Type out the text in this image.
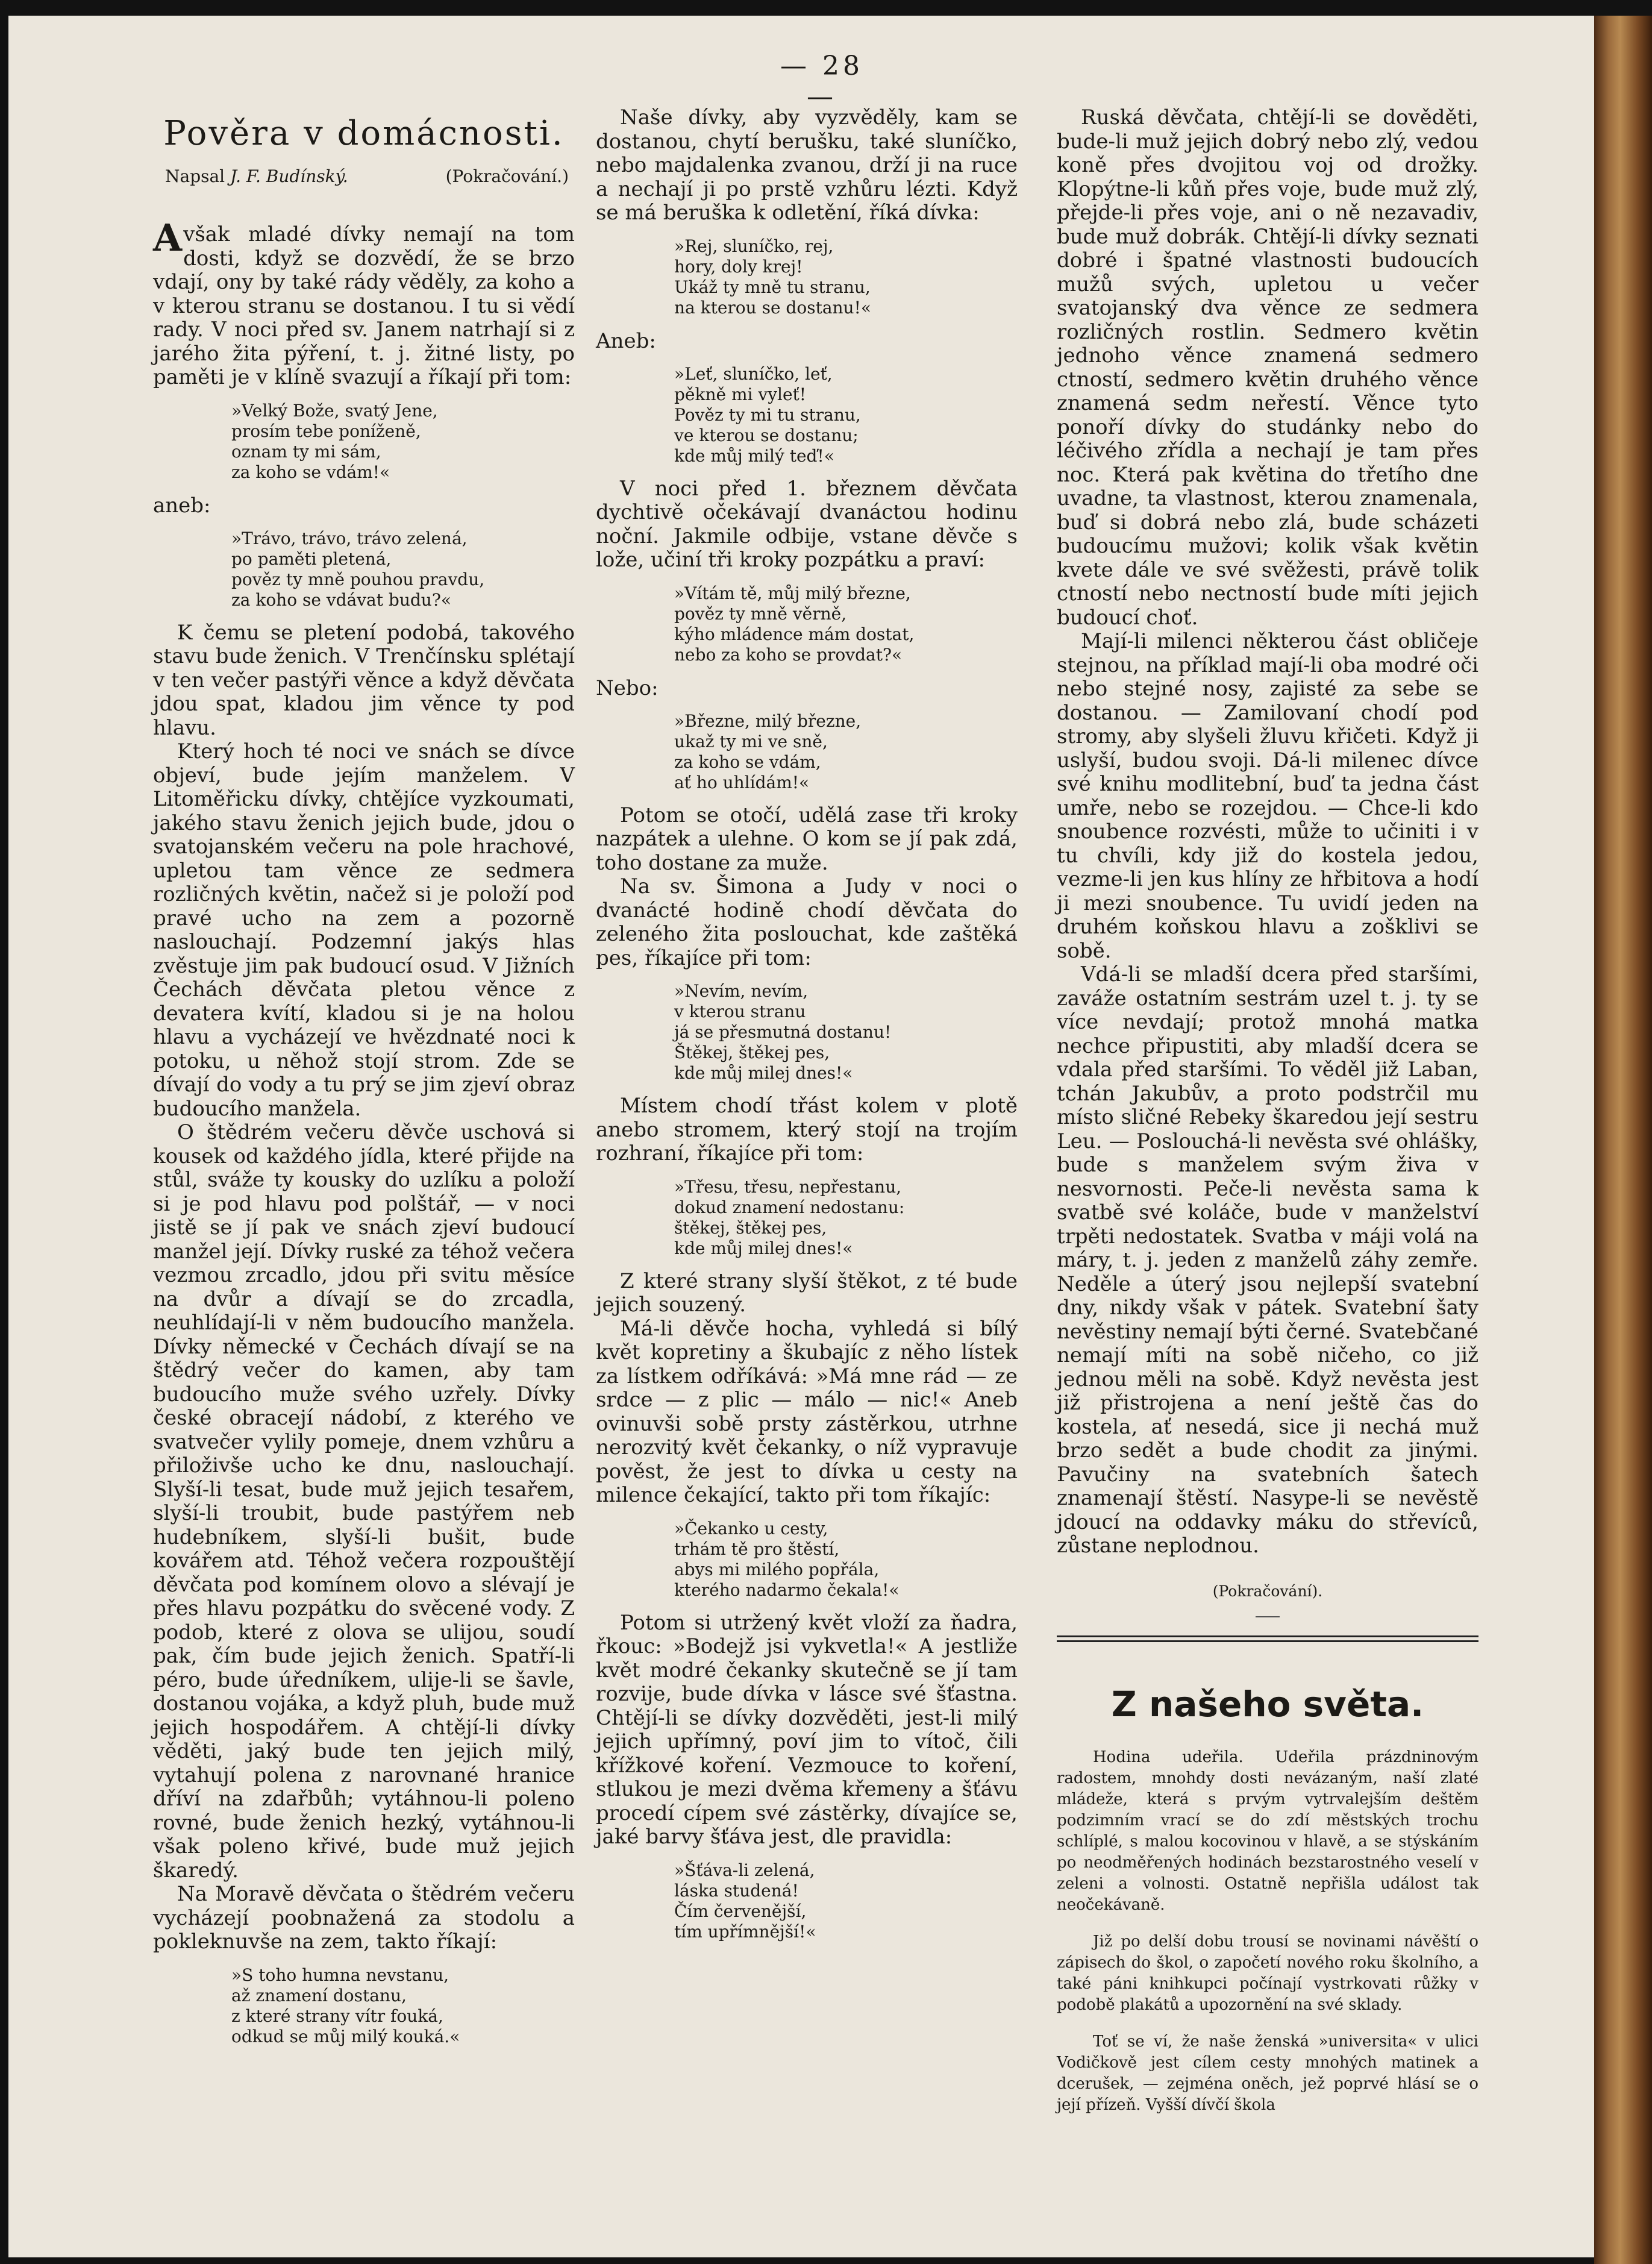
— 28 —
Pověra v domácnosti.
Napsal J. F. Budínský.	(Pokračování.)

Avšak mladé dívky nemají na tom dosti, když se dozvědí, že se brzo vdají, ony by také rády věděly, za koho a v kterou stranu se dostanou. I tu si vědí rady. V noci před sv. Janem natrhají si z jarého žita pýření, t. j. žitné listy, po paměti je v klíně svazují a říkají při tom:

»Velký Bože, svatý Jene,
prosím tebe poníženě,
oznam ty mi sám,
za koho se vdám!«
aneb:
»Trávo, trávo, trávo zelená,
po paměti pletená,
pověz ty mně pouhou pravdu,
za koho se vdávat budu?«

K čemu se pletení podobá, takového stavu bude ženich. V Trenčínsku splétají v ten večer pastýři věnce a když děvčata jdou spat, kladou jim věnce ty pod hlavu.

Který hoch té noci ve snách se dívce objeví, bude jejím manželem. V Litoměřicku dívky, chtějíce vyzkoumati, jakého stavu ženich jejich bude, jdou o svatojanském večeru na pole hrachové, upletou tam věnce ze sedmera rozličných květin, načež si je položí pod pravé ucho na zem a pozorně naslouchají. Podzemní jakýs hlas zvěstuje jim pak budoucí osud. V Jižních Čechách děvčata pletou věnce z devatera kvítí, kladou si je na holou hlavu a vycházejí ve hvězdnaté noci k potoku, u něhož stojí strom. Zde se dívají do vody a tu prý se jim zjeví obraz budoucího manžela.

O štědrém večeru děvče uschová si kousek od každého jídla, které přijde na stůl, sváže ty kousky do uzlíku a položí si je pod hlavu pod polštář, — v noci jistě se jí pak ve snách zjeví budoucí manžel její. Dívky ruské za téhož večera vezmou zrcadlo, jdou při svitu měsíce na dvůr a dívají se do zrcadla, neuhlídají-li v něm budoucího manžela. Dívky německé v Čechách dívají se na štědrý večer do kamen, aby tam budoucího muže svého uzřely. Dívky české obracejí nádobí, z kterého ve svatvečer vylily pomeje, dnem vzhůru a přiloživše ucho ke dnu, naslouchají. Slyší-li tesat, bude muž jejich tesařem, slyší-li troubit, bude pastýřem neb hudebníkem, slyší-li bušit, bude kovářem atd. Téhož večera rozpouštějí děvčata pod komínem olovo a slévají je přes hlavu pozpátku do svěcené vody. Z podob, které z olova se ulijou, soudí pak, čím bude jejich ženich. Spatří-li péro, bude úředníkem, ulije-li se šavle, dostanou vojáka, a když pluh, bude muž jejich hospodářem. A chtějí-li dívky věděti, jaký bude ten jejich milý, vytahují polena z narovnané hranice dříví na zdařbůh; vytáhnou-li poleno rovné, bude ženich hezký, vytáhnou-li však poleno křivé, bude muž jejich škaredý.

Na Moravě děvčata o štědrém večeru vycházejí poobnažená za stodolu a pokleknuvše na zem, takto říkají:

»S toho humna nevstanu,
až znamení dostanu,
z které strany vítr fouká,
odkud se můj milý kouká.«

Naše dívky, aby vyzvěděly, kam se dostanou, chytí berušku, také sluníčko, nebo majdalenka zvanou, drží ji na ruce a nechají ji po prstě vzhůru lézti. Když se má beruška k odletění, říká dívka:

»Rej, sluníčko, rej,
hory, doly krej!
Ukáž ty mně tu stranu,
na kterou se dostanu!«
Aneb:
»Leť, sluníčko, leť,
pěkně mi vyleť!
Pověz ty mi tu stranu,
ve kterou se dostanu;
kde můj milý teď!«

V noci před 1. březnem děvčata dychtivě očekávají dvanáctou hodinu noční. Jakmile odbije, vstane děvče s lože, učiní tři kroky pozpátku a praví:

»Vítám tě, můj milý březne,
pověz ty mně věrně,
kýho mládence mám dostat,
nebo za koho se provdat?«
Nebo:
»Březne, milý březne,
ukaž ty mi ve sně,
za koho se vdám,
ať ho uhlídám!«

Potom se otočí, udělá zase tři kroky nazpátek a ulehne. O kom se jí pak zdá, toho dostane za muže.

Na sv. Šimona a Judy v noci o dvanácté hodině chodí děvčata do zeleného žita poslouchat, kde zaštěká pes, říkajíce při tom:

»Nevím, nevím,
v kterou stranu
já se přesmutná dostanu!
Štěkej, štěkej pes,
kde můj milej dnes!«

Místem chodí třást kolem v plotě anebo stromem, který stojí na trojím rozhraní, říkajíce při tom:

»Třesu, třesu, nepřestanu,
dokud znamení nedostanu:
štěkej, štěkej pes,
kde můj milej dnes!«

Z které strany slyší štěkot, z té bude jejich souzený.

Má-li děvče hocha, vyhledá si bílý květ kopretiny a škubajíc z něho lístek za lístkem odříkává: »Má mne rád — ze srdce — z plic — málo — nic!« Aneb ovinuvši sobě prsty zástěrkou, utrhne nerozvitý květ čekanky, o níž vypravuje pověst, že jest to dívka u cesty na milence čekající, takto při tom říkajíc:

»Čekanko u cesty,
trhám tě pro štěstí,
abys mi milého popřála,
kterého nadarmo čekala!«

Potom si utržený květ vloží za ňadra, řkouc: »Bodejž jsi vykvetla!« A jestliže květ modré čekanky skutečně se jí tam rozvije, bude dívka v lásce své šťastna. Chtějí-li se dívky dozvěděti, jest-li milý jejich upřímný, poví jim to vítoč, čili křížkové koření. Vezmouce to koření, stlukou je mezi dvěma křemeny a šťávu procedí cípem své zástěrky, dívajíce se, jaké barvy šťáva jest, dle pravidla:

»Šťáva-li zelená,
láska studená!
Čím červenější,
tím upřímnější!«

Ruská děvčata, chtějí-li se dověděti, bude-li muž jejich dobrý nebo zlý, vedou koně přes dvojitou voj od drožky. Klopýtne-li kůň přes voje, bude muž zlý, přejde-li přes voje, ani o ně nezavadiv, bude muž dobrák. Chtějí-li dívky seznati dobré i špatné vlastnosti budoucích mužů svých, upletou u večer svatojanský dva věnce ze sedmera rozličných rostlin. Sedmero květin jednoho věnce znamená sedmero ctností, sedmero květin druhého věnce znamená sedm neřestí. Věnce tyto ponoří dívky do studánky nebo do léčivého zřídla a nechají je tam přes noc. Která pak květina do třetího dne uvadne, ta vlastnost, kterou znamenala, buď si dobrá nebo zlá, bude scházeti budoucímu mužovi; kolik však květin kvete dále ve své svěžesti, právě tolik ctností nebo nectností bude míti jejich budoucí choť.

Mají-li milenci některou část obličeje stejnou, na příklad mají-li oba modré oči nebo stejné nosy, zajisté za sebe se dostanou. — Zamilovaní chodí pod stromy, aby slyšeli žluvu křičeti. Když ji uslyší, budou svoji. Dá-li milenec dívce své knihu modlitební, buď ta jedna část umře, nebo se rozejdou. — Chce-li kdo snoubence rozvésti, může to učiniti i v tu chvíli, kdy již do kostela jedou, vezme-li jen kus hlíny ze hřbitova a hodí ji mezi snoubence. Tu uvidí jeden na druhém koňskou hlavu a zošklivi se sobě.

Vdá-li se mladší dcera před staršími, zaváže ostatním sestrám uzel t. j. ty se více nevdají; protož mnohá matka nechce připustiti, aby mladší dcera se vdala před staršími. To věděl již Laban, tchán Jakubův, a proto podstrčil mu místo sličné Rebeky škaredou její sestru Leu. — Poslouchá-li nevěsta své ohlášky, bude s manželem svým živa v nesvornosti. Peče-li nevěsta sama k svatbě své koláče, bude v manželství trpěti nedostatek. Svatba v máji volá na máry, t. j. jeden z manželů záhy zemře. Neděle a úterý jsou nejlepší svatební dny, nikdy však v pátek. Svatební šaty nevěstiny nemají býti černé. Svatebčané nemají míti na sobě ničeho, co již jednou měli na sobě. Když nevěsta jest již přistrojena a není ještě čas do kostela, ať nesedá, sice ji nechá muž brzo sedět a bude chodit za jinými. Pavučiny na svatebních šatech znamenají štěstí. Nasype-li se nevěstě jdoucí na oddavky máku do střevíců, zůstane neplodnou.

(Pokračování).
Z našeho světa.

Hodina udeřila. Udeřila prázdninovým radostem, mnohdy dosti nevázaným, naší zlaté mládeže, která s prvým vytrvalejším deštěm podzimním vrací se do zdí městských trochu schlíplé, s malou kocovinou v hlavě, a se stýskáním po neodměřených hodinách bezstarostného veselí v zeleni a volnosti. Ostatně nepřišla událost tak neočekávaně.

Již po delší dobu trousí se novinami návěští o zápisech do škol, o započetí nového roku školního, a také páni knihkupci počínají vystrkovati růžky v podobě plakátů a upozornění na své sklady.

Toť se ví, že naše ženská »universita« v ulici Vodičkově jest cílem cesty mnohých matinek a dcerušek, — zejména oněch, jež poprvé hlásí se o její přízeň. Vyšší dívčí škola
